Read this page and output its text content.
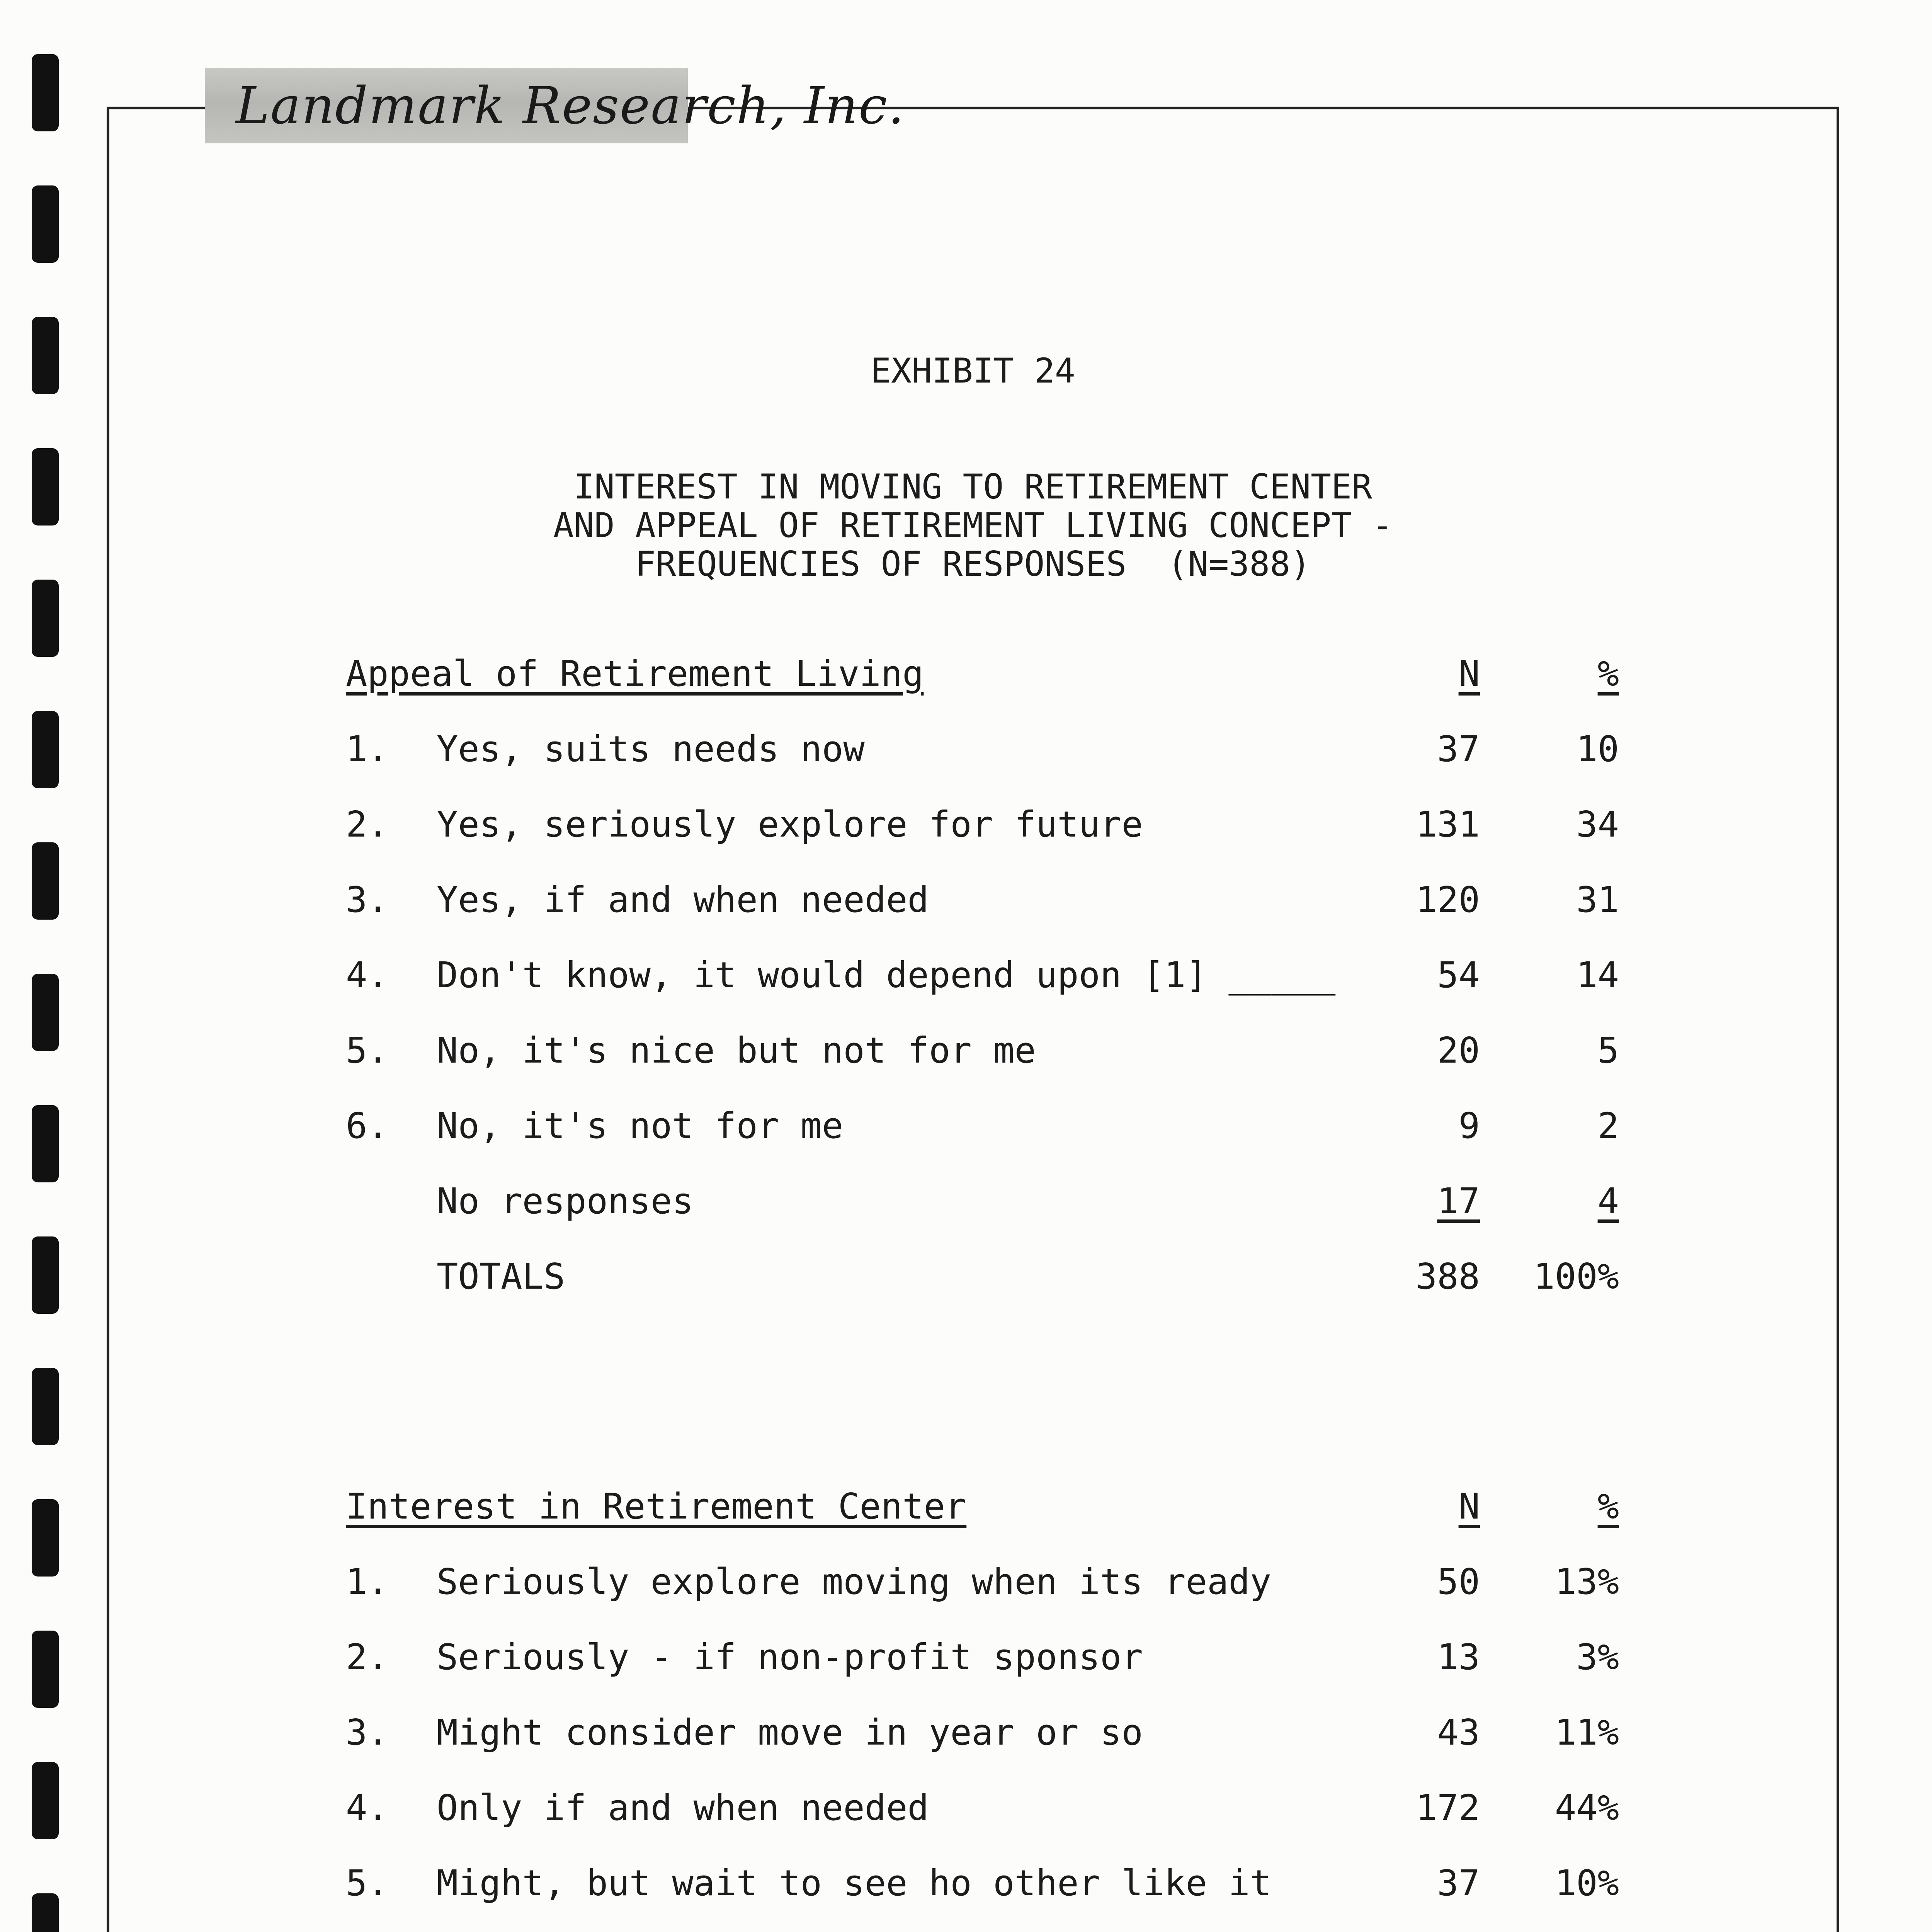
Landmark Research, Inc.
EXHIBIT 24
INTEREST IN MOVING TO RETIREMENT CENTER
AND APPEAL OF RETIREMENT LIVING CONCEPT -
FREQUENCIES OF RESPONSES  (N=388)
Appeal of Retirement Living	N	%
1. Yes, suits needs now	37	10
2. Yes, seriously explore for future	131	34
3. Yes, if and when needed	120	31
4. Don't know, it would depend upon [1] _____	54	14
5. No, it's nice but not for me	20	5
6. No, it's not for me	9	2
No responses	17	4
TOTALS	388	100%
Interest in Retirement Center	N	%
1. Seriously explore moving when its ready	50	13%
2. Seriously - if non-profit sponsor	13	3%
3. Might consider move in year or so	43	11%
4. Only if and when needed	172	44%
5. Might, but wait to see ho other like it	37	10%
